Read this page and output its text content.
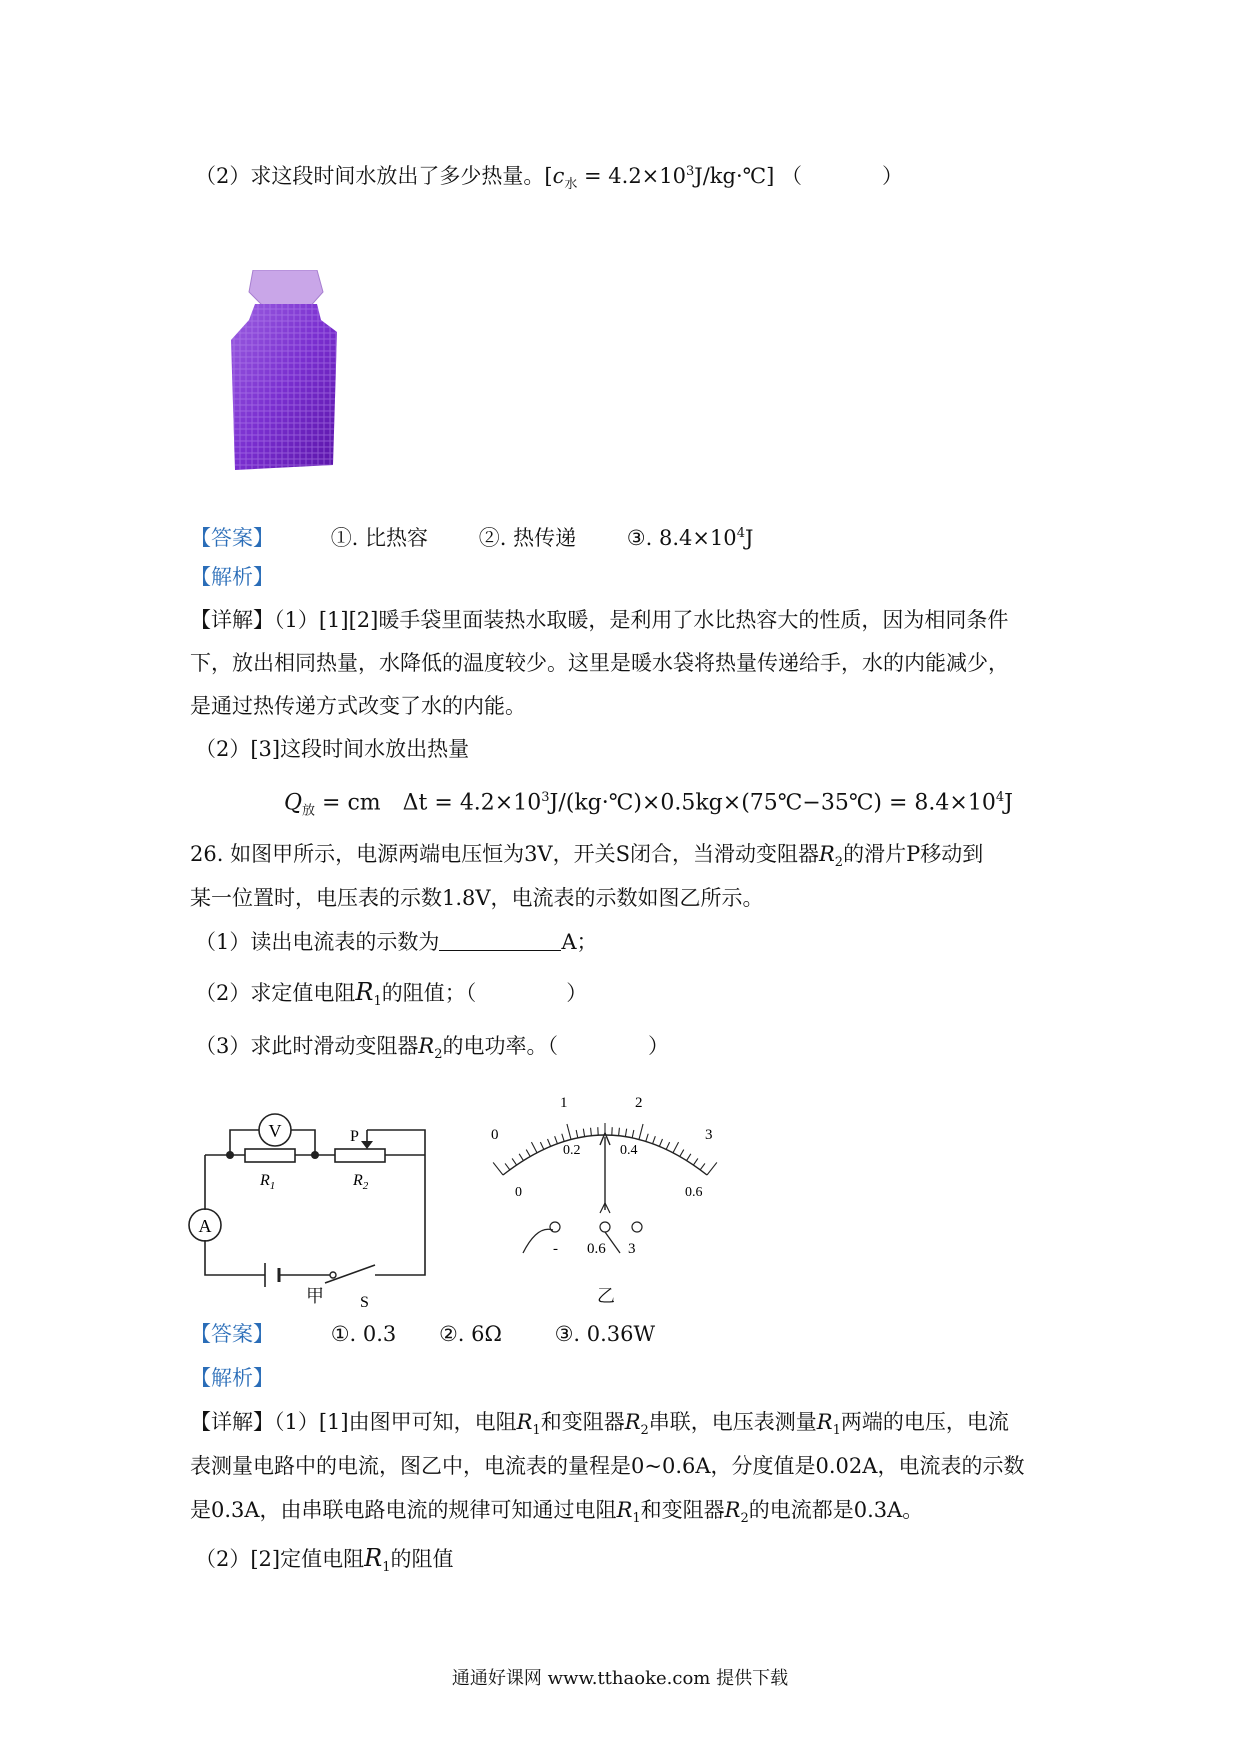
（2）求这段时间水放出了多少热量。[$c_水$ = $4.2\times 10^3J/kg\cdot℃$] （	）
【答案】	①. 比热容 ②. 热传递 ③. $8.4\times 10^4J$
【解析】
【详解】（1）[1][2]暖手袋里面装热水取暖，是利用了水比热容大的性质，因为相同条件
下，放出相同热量，水降低的温度较少。这里是暖水袋将热量传递给手，水的内能减少，
是通过热传递方式改变了水的内能。
（2）[3]这段时间水放出热量
$Q_放$ = cm　$\Delta t = 4.2\times 10^3J/(kg\cdot℃)\times 0.5kg\times(75℃-35℃) = 8.4\times 10^4J$
26. 如图甲所示，电源两端电压恒为3V，开关S闭合，当滑动变阻器$R_2$的滑片P移动到
某一位置时，电压表的示数1.8V，电流表的示数如图乙所示。
（1）读出电流表的示数为	A；
（2）求定值电阻$R_1$的阻值；（	）
（3）求此时滑动变阻器$R_2$的电功率。（	）
V
A
P
$R_1$	$R_2$
S
甲
0
1	2
3
0
0.2	0.4
0.6
- 0.6 3
乙
【答案】	①. 0.3 ②. 6Ω	③. 0.36W
【解析】
【详解】（1）[1]由图甲可知，电阻$R_1$和变阻器$R_2$串联，电压表测量$R_1$两端的电压，电流
表测量电路中的电流，图乙中，电流表的量程是0~0.6A，分度值是0.02A，电流表的示数
是0.3A，由串联电路电流的规律可知通过电阻$R_1$和变阻器$R_2$的电流都是0.3A。
（2）[2]定值电阻$R_1$的阻值
通通好课网 www.tthaoke.com 提供下载
